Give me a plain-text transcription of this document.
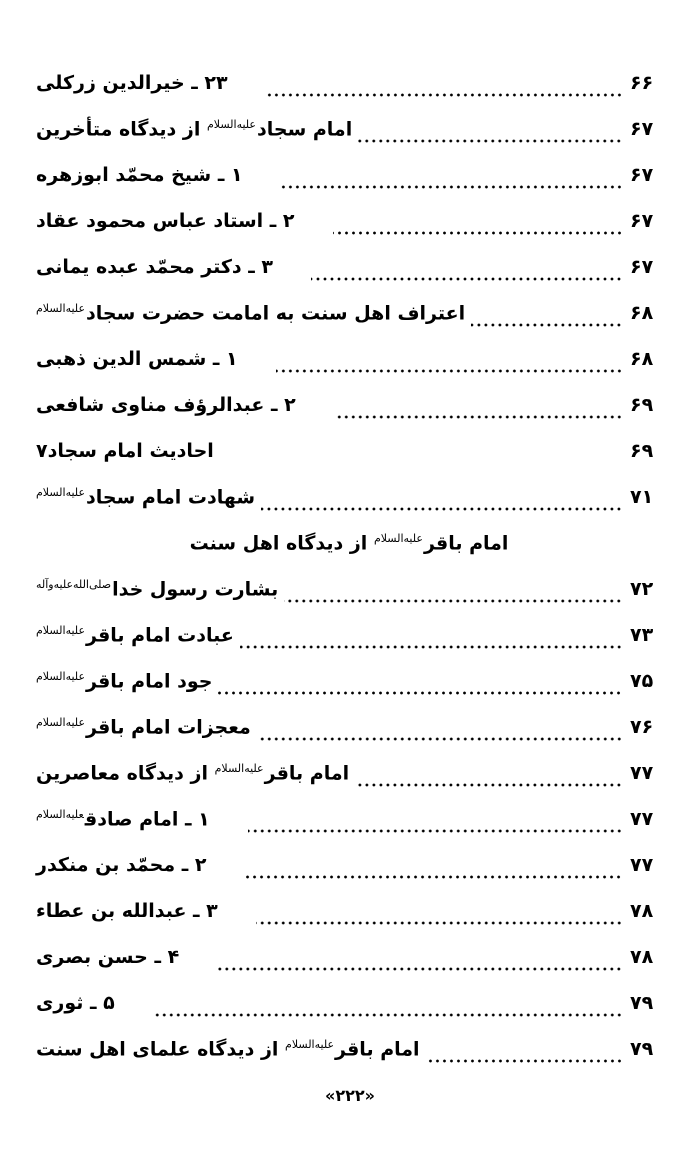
۲۳ ـ خیرالدین زرکلی	۶۶
امام سجاد$^{علیه‌السلام}$ از دیدگاه متأخرین	۶۷
۱ ـ شیخ محمّد ابوزهره	۶۷
۲ ـ استاد عباس محمود عقاد	۶۷
۳ ـ دکتر محمّد عبده یمانی	۶۷
اعتراف اهل سنت به امامت حضرت سجاد$^{علیه‌السلام}$	۶۸
۱ ـ شمس الدین ذهبی	۶۸
۲ ـ عبدالرؤف مناوی شافعی	۶۹
احادیث امام سجاد۷	۶۹
شهادت امام سجاد$^{علیه‌السلام}$	۷۱
امام باقر$^{علیه‌السلام}$ از دیدگاه اهل سنت
بشارت رسول خدا$^{صلی‌الله‌علیه‌وآله}$	۷۲
عبادت امام باقر$^{علیه‌السلام}$	۷۳
جود امام باقر$^{علیه‌السلام}$	۷۵
معجزات امام باقر$^{علیه‌السلام}$	۷۶
امام باقر$^{علیه‌السلام}$ از دیدگاه معاصرین	۷۷
۱ ـ امام صادق$^{علیه‌السلام}$	۷۷
۲ ـ محمّد بن منکدر	۷۷
۳ ـ عبدالله بن عطاء	۷۸
۴ ـ حسن بصری	۷۸
۵ ـ ثوری	۷۹
امام باقر$^{علیه‌السلام}$ از دیدگاه علمای اهل سنت	۷۹
«۲۲۲»
